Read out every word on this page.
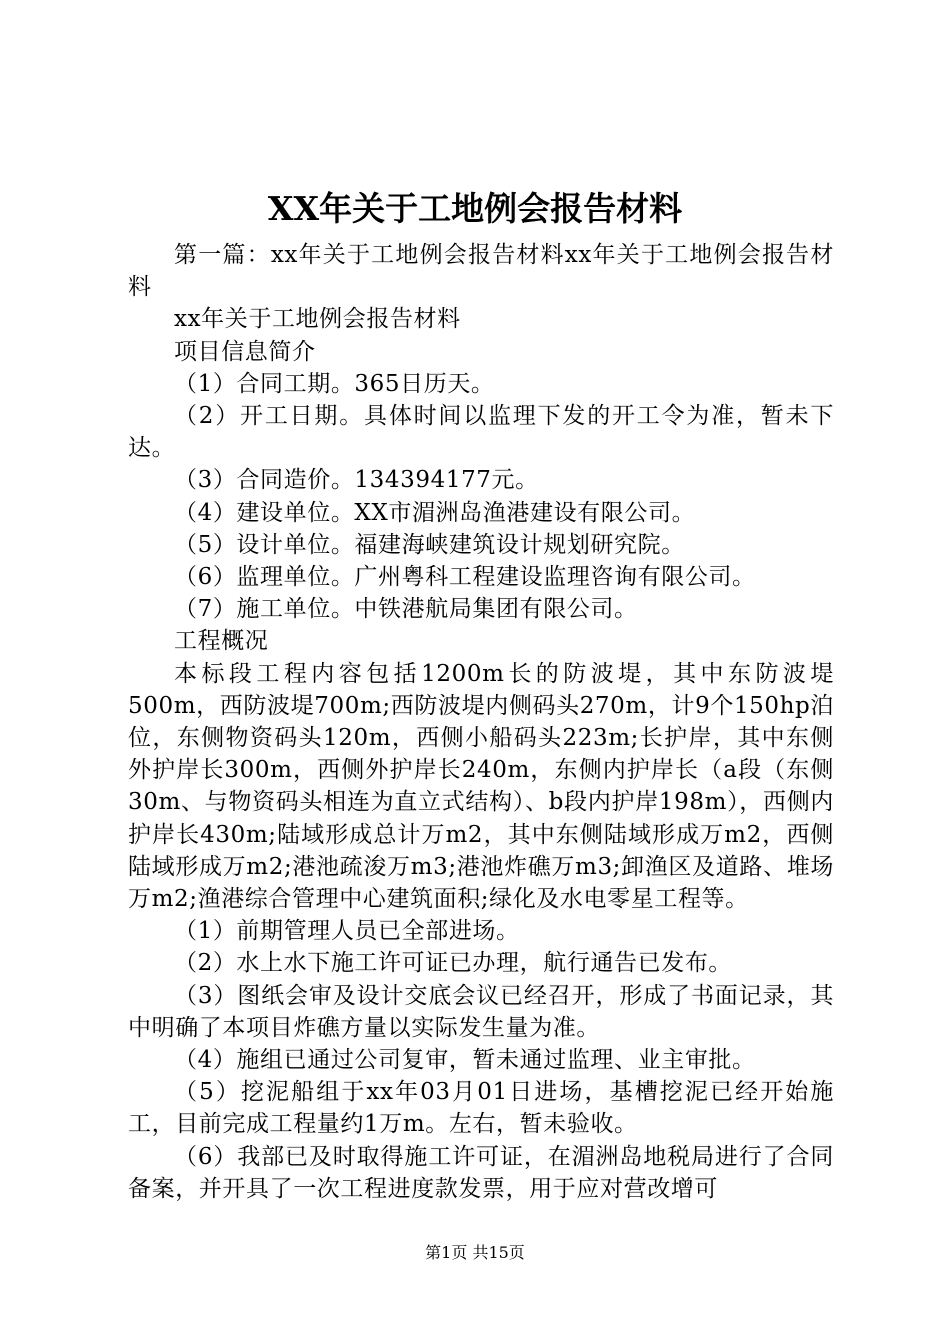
XX年关于工地例会报告材料

第一篇：xx年关于工地例会报告材料xx年关于工地例会报告材料

xx年关于工地例会报告材料

项目信息简介

（1）合同工期。365日历天。

（2）开工日期。具体时间以监理下发的开工令为准，暂未下达。

（3）合同造价。134394177元。

（4）建设单位。XX市湄洲岛渔港建设有限公司。

（5）设计单位。福建海峡建筑设计规划研究院。

（6）监理单位。广州粤科工程建设监理咨询有限公司。

（7）施工单位。中铁港航局集团有限公司。

工程概况

本标段工程内容包括1200m长的防波堤，其中东防波堤500m，西防波堤700m;西防波堤内侧码头270m，计9个150hp泊位，东侧物资码头120m，西侧小船码头223m;长护岸，其中东侧外护岸长300m，西侧外护岸长240m，东侧内护岸长（a段（东侧30m、与物资码头相连为直立式结构）、b段内护岸198m），西侧内护岸长430m;陆域形成总计万m2，其中东侧陆域形成万m2，西侧陆域形成万m2;港池疏浚万m3;港池炸礁万m3;卸渔区及道路、堆场万m2;渔港综合管理中心建筑面积;绿化及水电零星工程等。

（1）前期管理人员已全部进场。

（2）水上水下施工许可证已办理，航行通告已发布。

（3）图纸会审及设计交底会议已经召开，形成了书面记录，其中明确了本项目炸礁方量以实际发生量为准。

（4）施组已通过公司复审，暂未通过监理、业主审批。

（5）挖泥船组于xx年03月01日进场，基槽挖泥已经开始施工，目前完成工程量约1万m。左右，暂未验收。

（6）我部已及时取得施工许可证，在湄洲岛地税局进行了合同备案，并开具了一次工程进度款发票，用于应对营改增可

第1页 共15页
